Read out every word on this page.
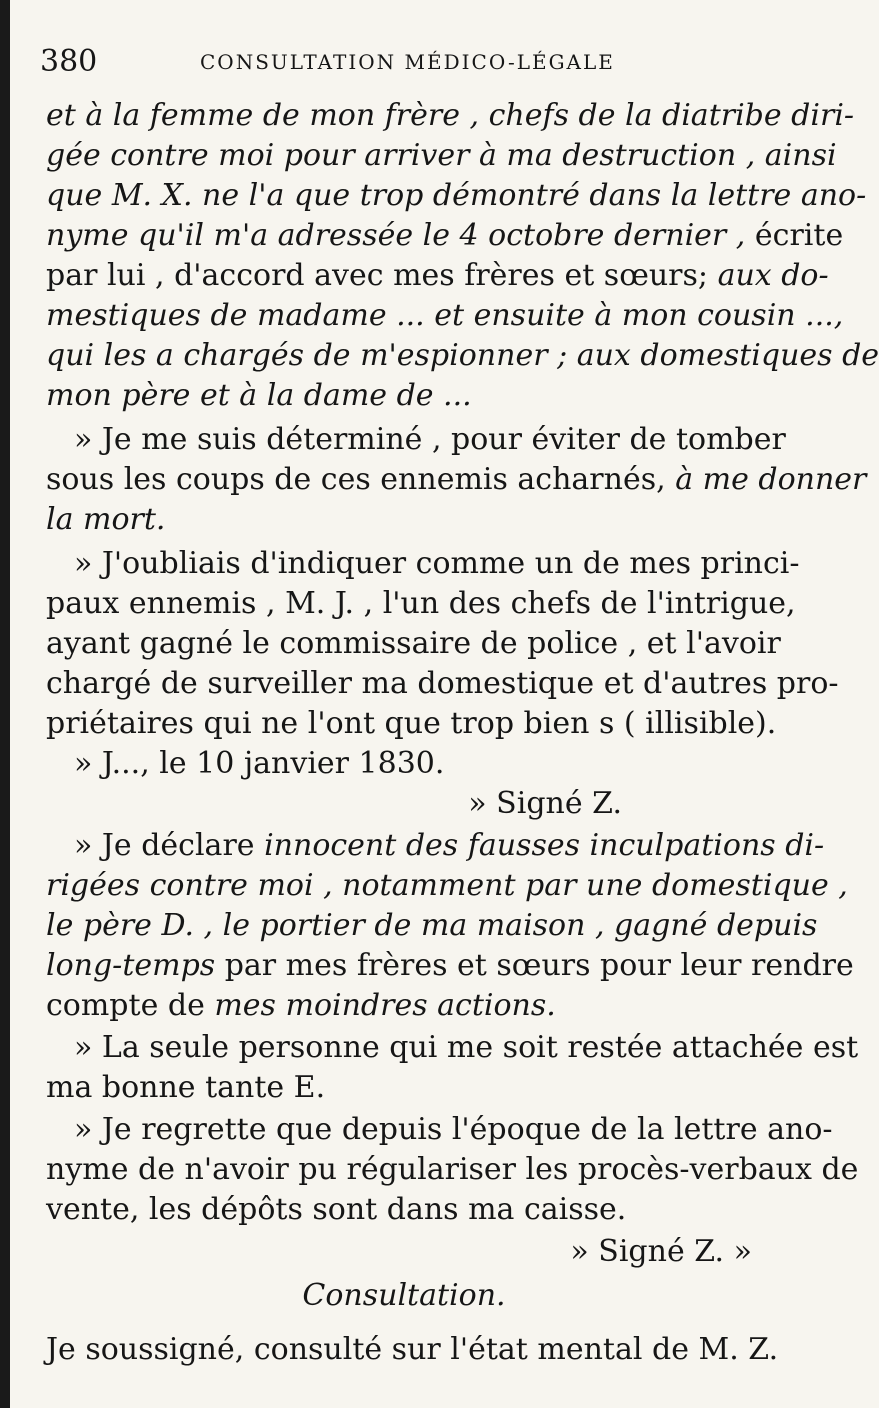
380	CONSULTATION MÉDICO-LÉGALE
et à la femme de mon frère , chefs de la diatribe diri-
gée contre moi pour arriver à ma destruction , ainsi
que M. X. ne l'a que trop démontré dans la lettre ano-
nyme qu'il m'a adressée le 4 octobre dernier , écrite
par lui , d'accord avec mes frères et sœurs; aux do-
mestiques de madame ... et ensuite à mon cousin ...,
qui les a chargés de m'espionner ; aux domestiques de
mon père et à la dame de ...
» Je me suis déterminé , pour éviter de tomber
sous les coups de ces ennemis acharnés, à me donner
la mort.
» J'oubliais d'indiquer comme un de mes princi-
paux ennemis , M. J. , l'un des chefs de l'intrigue,
ayant gagné le commissaire de police , et l'avoir
chargé de surveiller ma domestique et d'autres pro-
priétaires qui ne l'ont que trop bien s ( illisible).
» J..., le 10 janvier 1830.
» Signé Z.
» Je déclare innocent des fausses inculpations di-
rigées contre moi , notamment par une domestique ,
le père D. , le portier de ma maison , gagné depuis
long-temps par mes frères et sœurs pour leur rendre
compte de mes moindres actions.
» La seule personne qui me soit restée attachée est
ma bonne tante E.
» Je regrette que depuis l'époque de la lettre ano-
nyme de n'avoir pu régulariser les procès-verbaux de
vente, les dépôts sont dans ma caisse.
» Signé Z. »
Consultation.
Je soussigné, consulté sur l'état mental de M. Z.
